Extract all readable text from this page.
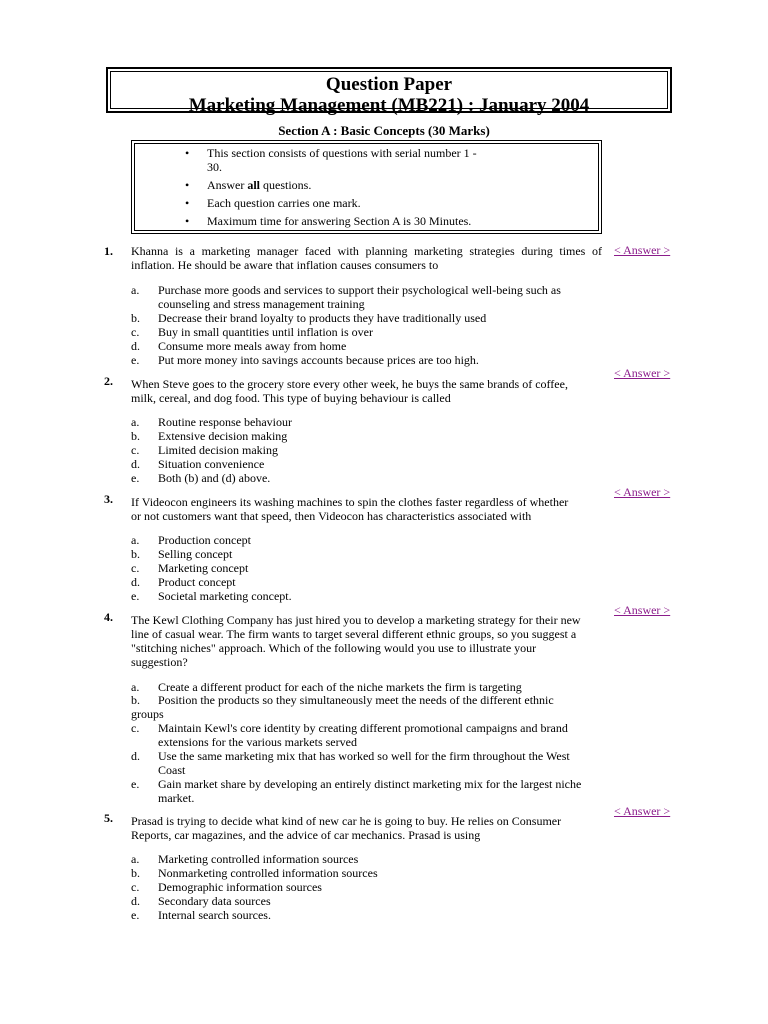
Question Paper
Marketing Management (MB221) : January 2004
Section A : Basic Concepts (30 Marks)
• This section consists of questions with serial number 1 -
30.
• Answer all questions.
• Each question carries one mark.
• Maximum time for answering Section A is 30 Minutes.
1. Khanna is a marketing manager faced with planning marketing strategies during times of
inflation. He should be aware that inflation causes consumers to
< Answer >
a. Purchase more goods and services to support their psychological well-being such as
counseling and stress management training
b. Decrease their brand loyalty to products they have traditionally used
c. Buy in small quantities until inflation is over
d. Consume more meals away from home
e. Put more money into savings accounts because prices are too high.
2. When Steve goes to the grocery store every other week, he buys the same brands of coffee,
milk, cereal, and dog food. This type of buying behaviour is called
< Answer >
a. Routine response behaviour
b. Extensive decision making
c. Limited decision making
d. Situation convenience
e. Both (b) and (d) above.
3. If Videocon engineers its washing machines to spin the clothes faster regardless of whether
or not customers want that speed, then Videocon has characteristics associated with
< Answer >
a. Production concept
b. Selling concept
c. Marketing concept
d. Product concept
e. Societal marketing concept.
4. The Kewl Clothing Company has just hired you to develop a marketing strategy for their new
line of casual wear. The firm wants to target several different ethnic groups, so you suggest a
"stitching niches" approach. Which of the following would you use to illustrate your
suggestion?
< Answer >
a. Create a different product for each of the niche markets the firm is targeting
b. Position the products so they simultaneously meet the needs of the different ethnic
groups
c. Maintain Kewl's core identity by creating different promotional campaigns and brand
extensions for the various markets served
d. Use the same marketing mix that has worked so well for the firm throughout the West
Coast
e. Gain market share by developing an entirely distinct marketing mix for the largest niche
market.
5. Prasad is trying to decide what kind of new car he is going to buy. He relies on Consumer
Reports, car magazines, and the advice of car mechanics. Prasad is using
< Answer >
a. Marketing controlled information sources
b. Nonmarketing controlled information sources
c. Demographic information sources
d. Secondary data sources
e. Internal search sources.
